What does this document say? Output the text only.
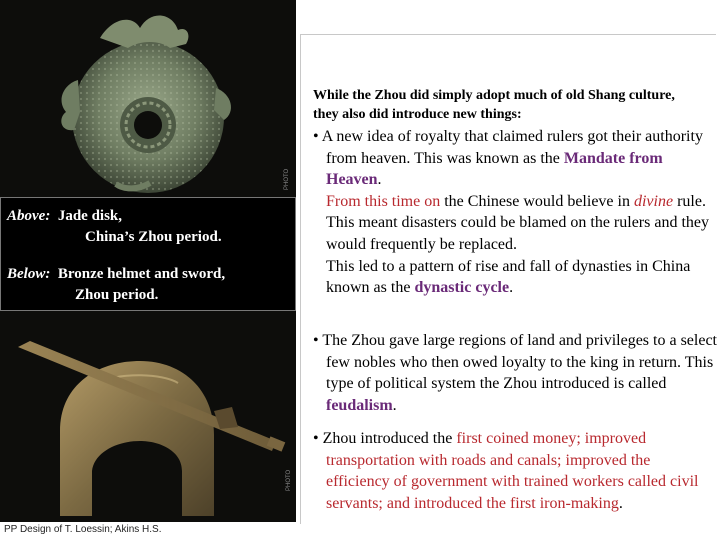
PHOTO
Above: Jade disk,
China’s Zhou period.
Below: Bronze helmet and sword,
Zhou period.
PHOTO
PP Design of T. Loessin; Akins H.S.
While the Zhou did simply adopt much of old Shang culture,
they also did introduce new things:
• A new idea of royalty that claimed rulers got their authority from heaven. This was known as the Mandate from Heaven.
From this time on the Chinese would believe in divine rule.
This meant disasters could be blamed on the rulers and they would frequently be replaced.
This led to a pattern of rise and fall of dynasties in China known as the dynastic cycle.
• The Zhou gave large regions of land and privileges to a select few nobles who then owed loyalty to the king in return. This type of political system the Zhou introduced is called feudalism.
• Zhou introduced the first coined money; improved transportation with roads and canals; improved the efficiency of government with trained workers called civil servants; and introduced the first iron-making.
